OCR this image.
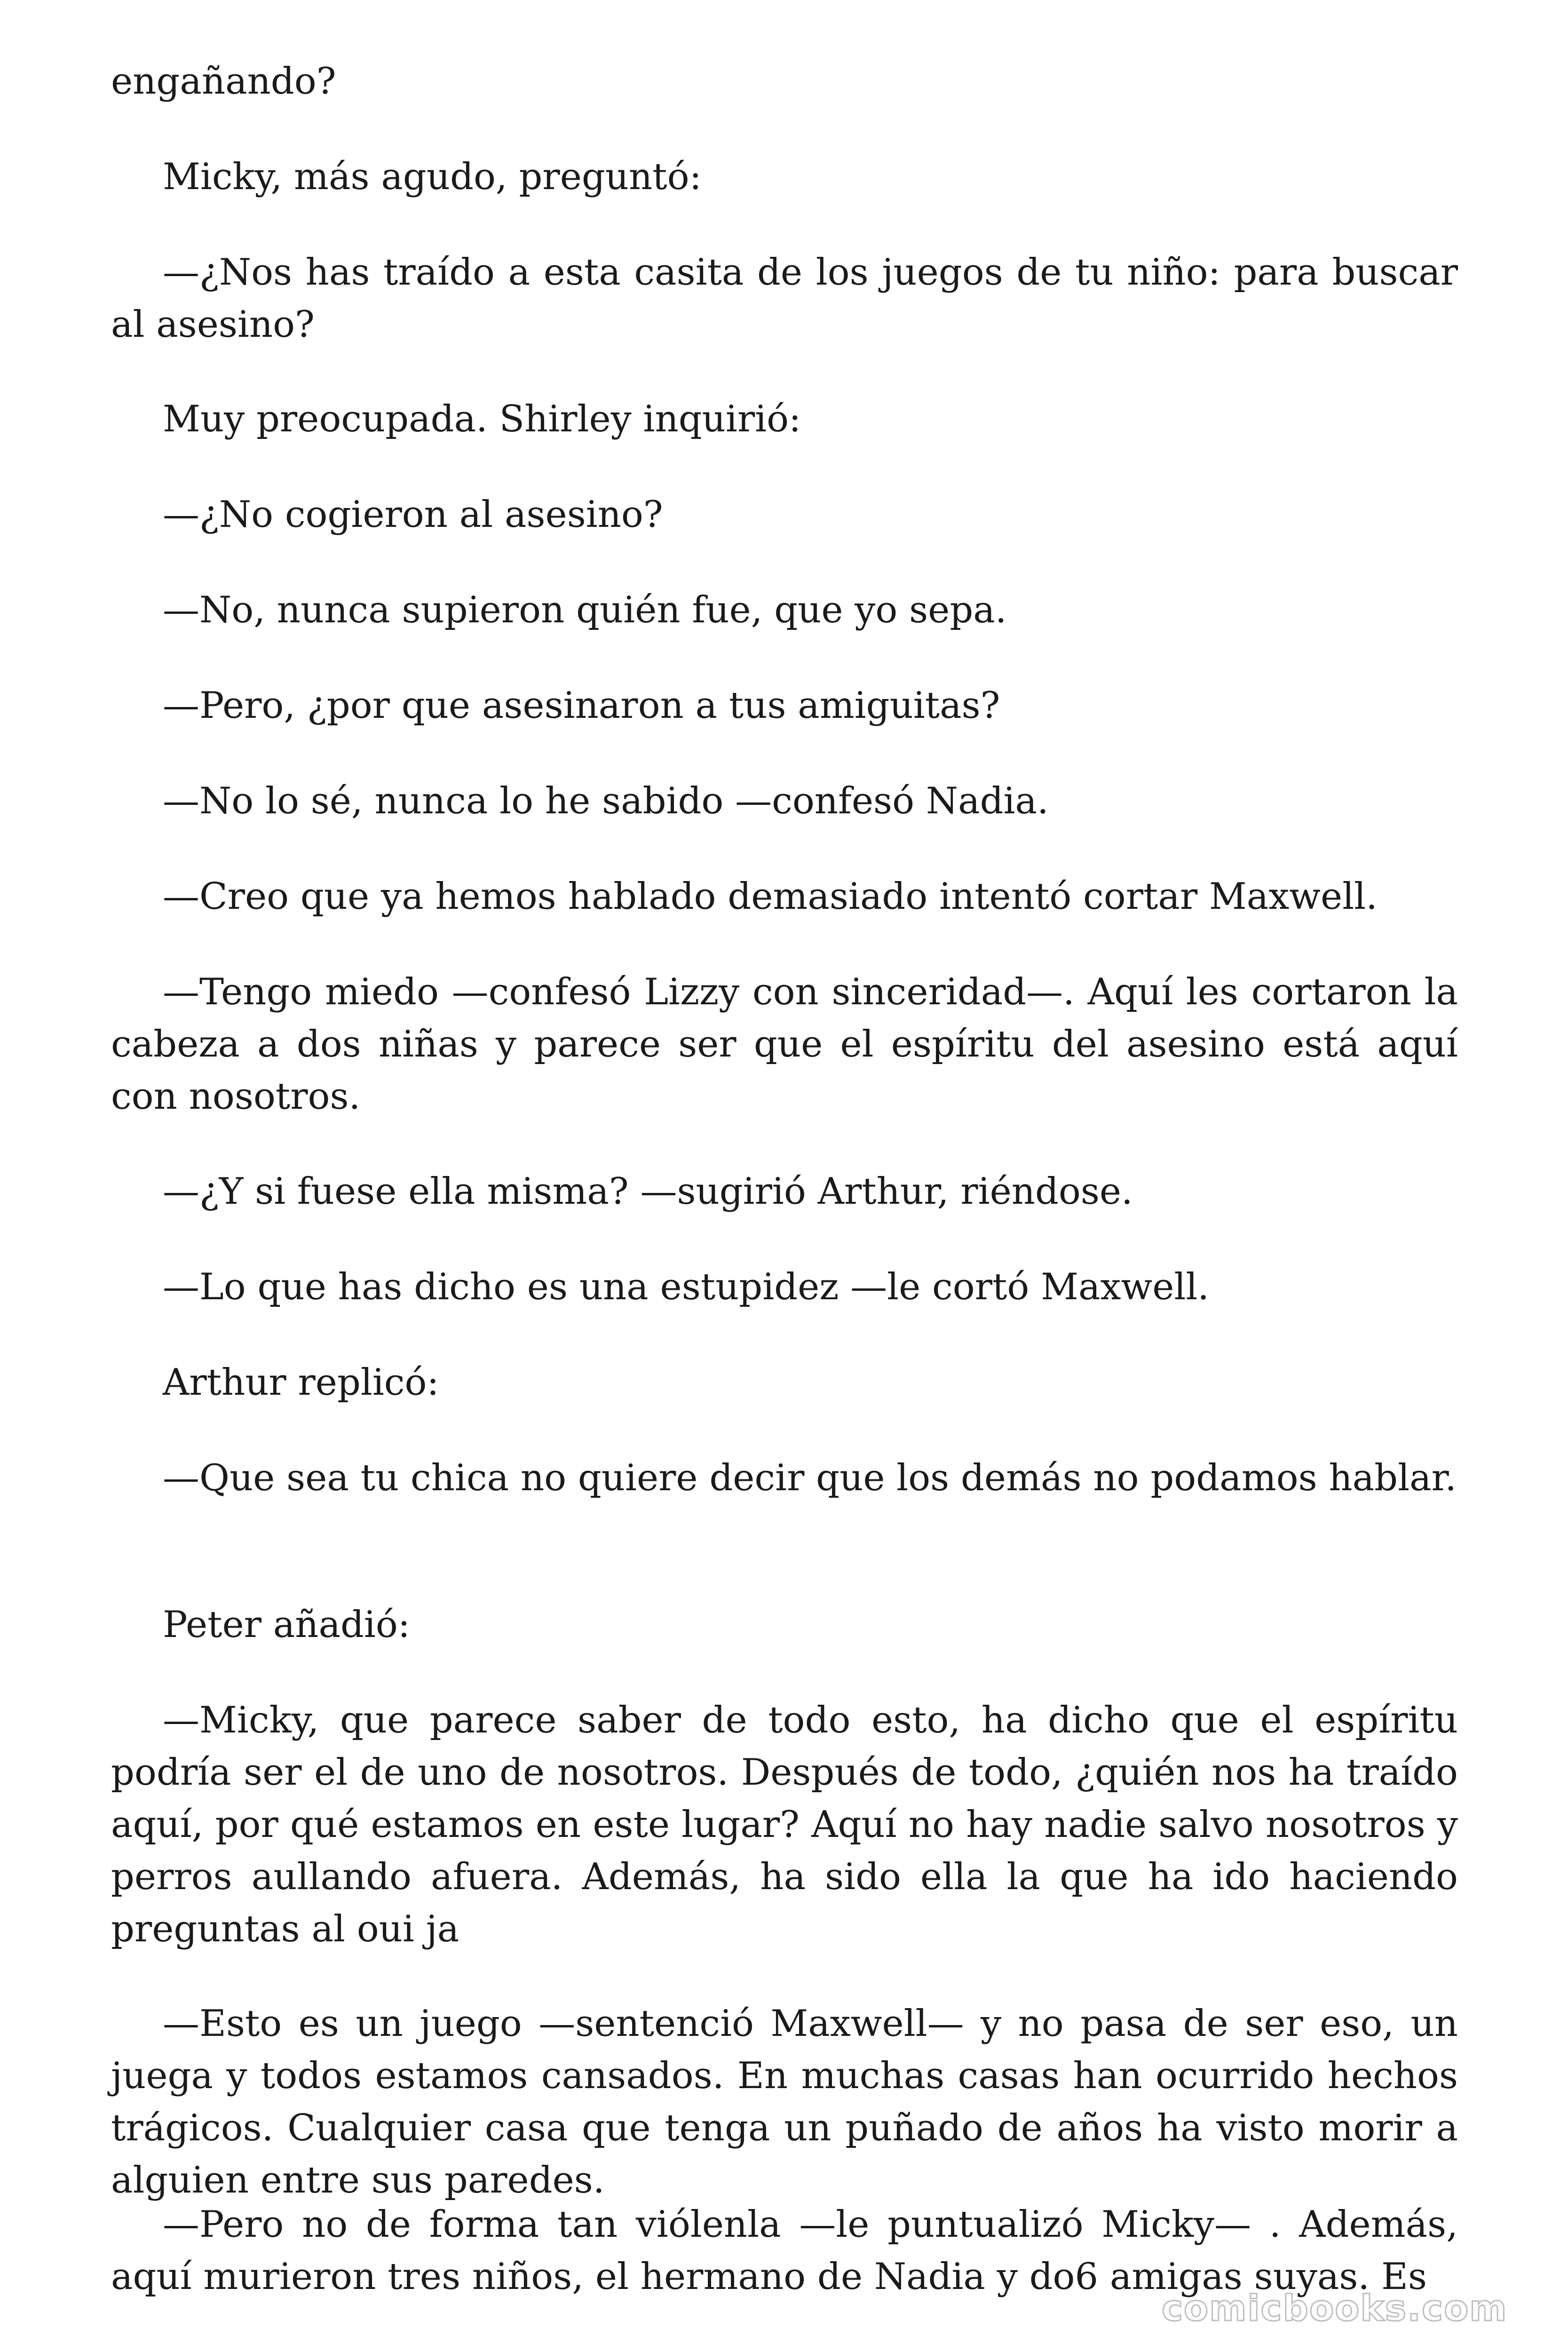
engañando?

Micky, más agudo, preguntó:

—¿Nos has traído a esta casita de los juegos de tu niño: para buscar al asesino?

Muy preocupada. Shirley inquirió:

—¿No cogieron al asesino?

—No, nunca supieron quién fue, que yo sepa.

—Pero, ¿por que asesinaron a tus amiguitas?

—No lo sé, nunca lo he sabido —confesó Nadia.

—Creo que ya hemos hablado demasiado intentó cortar Maxwell.

—Tengo miedo —confesó Lizzy con sinceridad—. Aquí les cortaron la cabeza a dos niñas y parece ser que el espíritu del asesino está aquí con nosotros.

—¿Y si fuese ella misma? —sugirió Arthur, riéndose.

—Lo que has dicho es una estupidez —le cortó Maxwell.

Arthur replicó:

—Que sea tu chica no quiere decir que los demás no podamos hablar.

Peter añadió:

—Micky, que parece saber de todo esto, ha dicho que el espíritu podría ser el de uno de nosotros. Después de todo, ¿quién nos ha traído aquí, por qué estamos en este lugar? Aquí no hay nadie salvo nosotros y perros aullando afuera. Además, ha sido ella la que ha ido haciendo preguntas al oui ja

—Esto es un juego —sentenció Maxwell— y no pasa de ser eso, un juega y todos estamos cansados. En muchas casas han ocurrido hechos trágicos. Cualquier casa que tenga un puñado de años ha visto morir a alguien entre sus paredes.

—Pero no de forma tan viólenla —le puntualizó Micky— . Además, aquí murieron tres niños, el hermano de Nadia y do6 amigas suyas. Es

comicbooks.com
